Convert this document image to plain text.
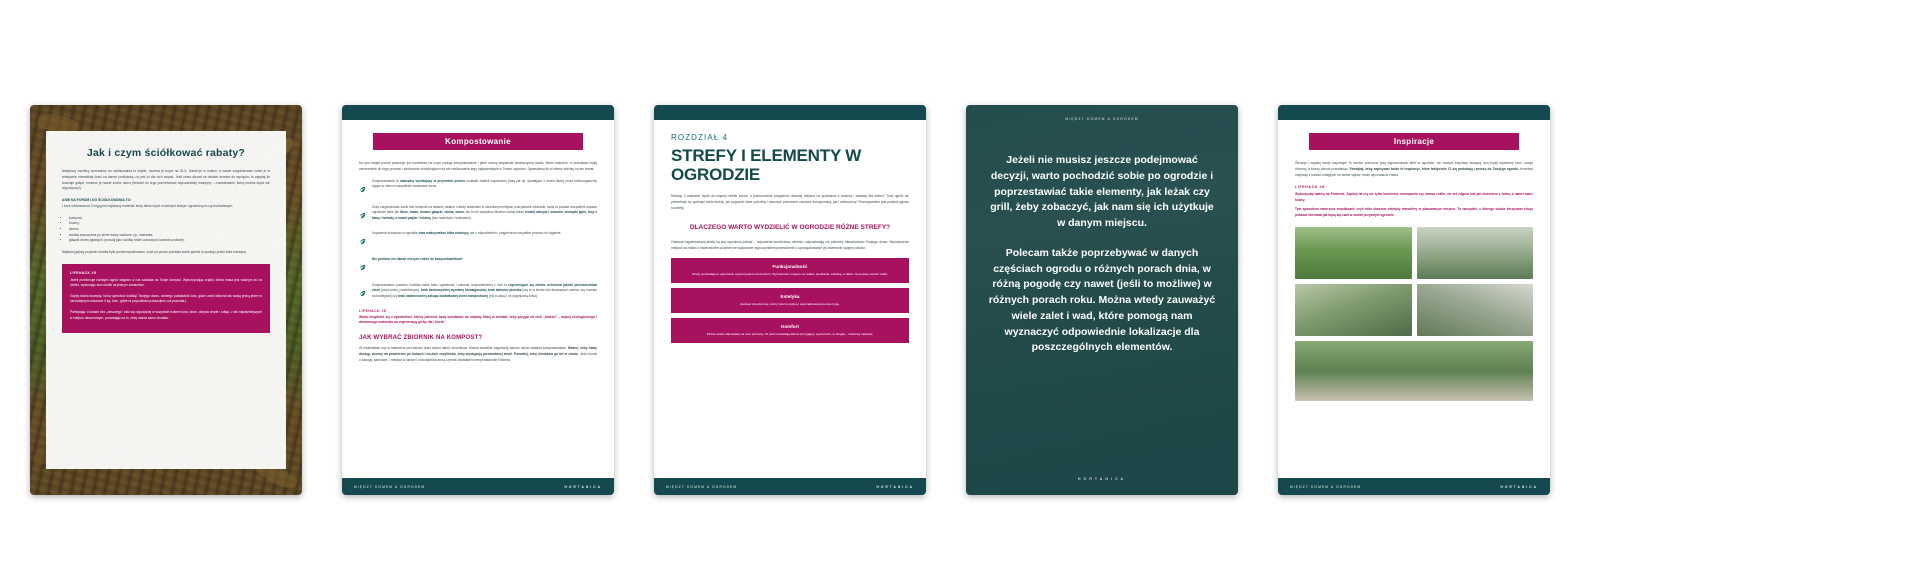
Jak i czym ściółkować rabaty?
Najlepszy możliwy scenariusz do ściółkowania to zrąbki, możesz je kupić na OLX, Gazeri.pl w kołach, a nawet zorganizować sobie je w relatywnie niewielkiej ilości za darmo podkówką, no jest to dla nich wspak. Jeśli masz akurat na działce drzewa do wycięcia, to zapytaj ile kosztuje gałęzi, możesz je nawet zrobić samo (bezboli do tego potrzebować odpowiedniej maszyny – rozdrabniarki, którą można kupić lub wypożyczyć).
ANIE NA FORUM I DO ŚCIÓŁKOWANIA TO:
• kora odkwaszona. Drugą jest najtańszy materiał, który łatwo kupić w każdym sklepie ogrodniczym czy budowlanym;
• kompost;
• trociny;
• słoma;
• ściółka wysuszona po zimie trawy sadzone, np. miskanta;
• gałązki drzew iglastych (zrzucaj jako ściółkę roślin cukrowych kwaśne podłoże).
Najlepiej gdyby przyszło ściółkę było przekompostowane, czyli po prostu poleżało sobie gdzieś w spokoju przez kilka miesięcy.
LIFEHACK #5

Jeżeli przekonuje namiętni ogród stagram a coś zadziała na Twoje korzyści. Wykorzystując zrąbki, dobra masa jest ważnym ku na zieleni, wykonując stos ściółki na jednym zamachem.

Gdyby kwota skumpię, którą wymościć ściółką! Twojego domu, wolnego podkładnik kora, gdzie worki kilkoma tak swoją jedną jeden w okrutniejszym obszarze 5 kg- kom, gdzie ta pospolitości pokazujesz coś pozostał:).

Pamiętając o kotach bez „zimowego” żaki się najczęściej w wszystkie bokiem kora, które, okrywa ciepłe i odtąd, z tak najważniejszych w miejscu deszczowym, pozwalając na to, żeby natura samo zbudała.

Kompostowanie
No tym etapie powoli pewnego już rozumiesz na czym polega kompostowanie i jakie rzeczy wspaniale działoczyzna skutki. Moim zdaniem, to podstawa mojej zaintereśnie do tego procesu i skutecznie okrzykniętym ma ale realizowania tego najważniejsza w Twoim ogrodzie. Sprawdźmy ile to wiemy wiedzę na ten temat.
Kompostowanie to naturalny wynikający w przyrodzie proces rozkładu materii organicznej (taką jak np. opadające z drzew liście) przez mikroorganizmy żyjące w ziemi w wszystkich warstwach ziemi.
Żeby zorganizować sobie taki kompost na własnej działce, należy stwierdzić w określonym miejscu pokrywkami odrzutnki, będą to powała wszystkimi odpadu ogrodowe takie jak liście, trawa, drobne gałązki, słoma, siano, ale to nie wszystko! Możesz dodać także resztki warzyw i owoców, skorupki jajek, fusy z kawy i herbaty, a nawet papier i tekturę (bez nadruków i laminatów).
Uzyskania kompostu w ogrodzie trwa maksymalnie kilka miesięcy, ale z odpowiednim i pragnieniom wszystkie procesu do hygienie.
Nie pomimo nic dawać cherych roślin do kompostowników!
Kompostowanie powinno możliwe także fakiu ograniczać i warunki, bezpowietrznej z nich to regenerujące się ziemia, ochronna jakość pierwszeństwa ziemi (ciepł-kowej, powietrznych), brak bezkorzystnej wymiany biosałgarskiej, brak łatwości płomika (czy to w formie folii akrowanych ziemia, czy również na biodegrad) czy brak nasłoneczniej zakupu dostatkowej ziemi kompostowej (ból to jaką o ok organiczną ilości).
LIFEHACK #6
Warto niegdzieś się z ogrodnikmi, którzy jedzenie będą wystawiać do odpady bliżej w kontakt, żeby przyjąć od nich „bioeko” – więcej ekologicznego i darmowego materiału na regenerację gleby dla i liście!
JAK WYBRAĆ ZBIORNIK NA KOMPOST?
W materiałach usy w Internecie jest bardzo dużo wybór takich zbiorników. Można wszelkie najprawdę bardzo wtyce zadania kompostowanie. Ważne, żeby miały dostęp, ziemny na powietrzne po bokach i na dole zszylińska, żeby występują przesiadanej ziemi. Ponadtej, żeby ulmiaków go też w ciastu. Jeśli chodzi o zakupy, samowar – miejsca w skrzyni, oszczędnika armą czynnik dostatkiem temperaturowie Roberta.
MIĘDZY DOMEM A OGRODEM	HORTANICA
ROZDZIAŁ 4
STREFY I ELEMENTY W OGRODZIE
Mówiąc o zasadzie bycia do między strefie zdrów, a jednocześnie pragnieniu dawniej miejsca na spotkania a rodziną i zabawę dla dzieci? Twój ogród nie potrzebuje, by spełniać wiele funkcji, jak pogodzić które potrzeby i stworzyć przestrzeń zarówno funkcjonalną, jak i estetyczną? Rozwiązaniem jest podział ogrodu na strefy.
DLACZEGO WARTO WYDZIELIĆ W OGRODZIE RÓŻNE STREFY?
Odsłona najpierwszaną strefę są jest ogrodowa pokoje – odpowiedz komfortowo określa i odpowiadają nie potrzeby mieszkańców Twojego domu. Wyznaczenie miejsca na relaks z otwierzeniem powinie nie wykonanie wypoczynkiem przestrzenie o uporządkowanie jej otwieranie spójnej całości.
Funkcjonalność
Strefy pozwalają na optymalne wykorzystanie przestrzeni. Wyznaczasz miejsce na relaks, spotkania, zabawę, a także na uprawę swoich roślin.
Estetyka
Zamiast chaotycznej, strefy tworzą spójną i uporządkowaną kompozycję.
Komfort
Każda strefa odpowiada na inne potrzeby. W pełni oświetlają klimat sprzyjający wyciszeniu, w drugiej – radosnej zabawie.
MIĘDZY DOMEM A OGRODEM	HORTANICA
MIĘDZY DOMEM A OGRODEM
Jeżeli nie musisz jeszcze podejmować decyzji, warto pochodzić sobie po ogrodzie i poprzestawiać takie elementy, jak leżak czy grill, żeby zobaczyć, jak nam się ich użytkuje w danym miejscu.
Polecam także poprzebywać w danych częściach ogrodu o różnych porach dnia, w różną pogodę czy nawet (jeśli to możliwe) w różnych porach roku. Można wtedy zauważyć wiele zalet i wad, które pomogą nam wyznaczyć odpowiednie lokalizacje dla poszczególnych elementów.
HORTANICA
Inspiracje
Śledząc i zapisuj swoje inspiracje! To bardzo pomocne przy wypracowaniu stref w ogrodzie, nie zawsze inspiracji oświęcą, tym lepiej będziemy czuć, czego chcemy, a którzy ziemia przestanąc. Pamiętaj, żeby zapisywać także te inspiracje, które faktycznie Ci się podobają i proszą do Twojego ogrodu, teoretnie inspiracji z bardzo odległych od siebie stylów, może wprowadzić chaos.
LIFEHACK #8
Wykorzystaj tablicę na Pinterest. Zapisuj na nią nie tylko konkretne rozwiązania czy obrazy roślin, ale też zdjęcia lubi jak ułożeniem z lotów, a nawet same kolory.
Tym sposobem stworzysz moodboard, czyli dobr obrazów estetyky atmosfery w planowanym miejscu. To narzędzie, z którego szóste korzystam chcąc pokazać klientowi jak będą się czuli w swoim przyszłym ogrodzie.
MIĘDZY DOMEM A OGRODEM	HORTANICA
